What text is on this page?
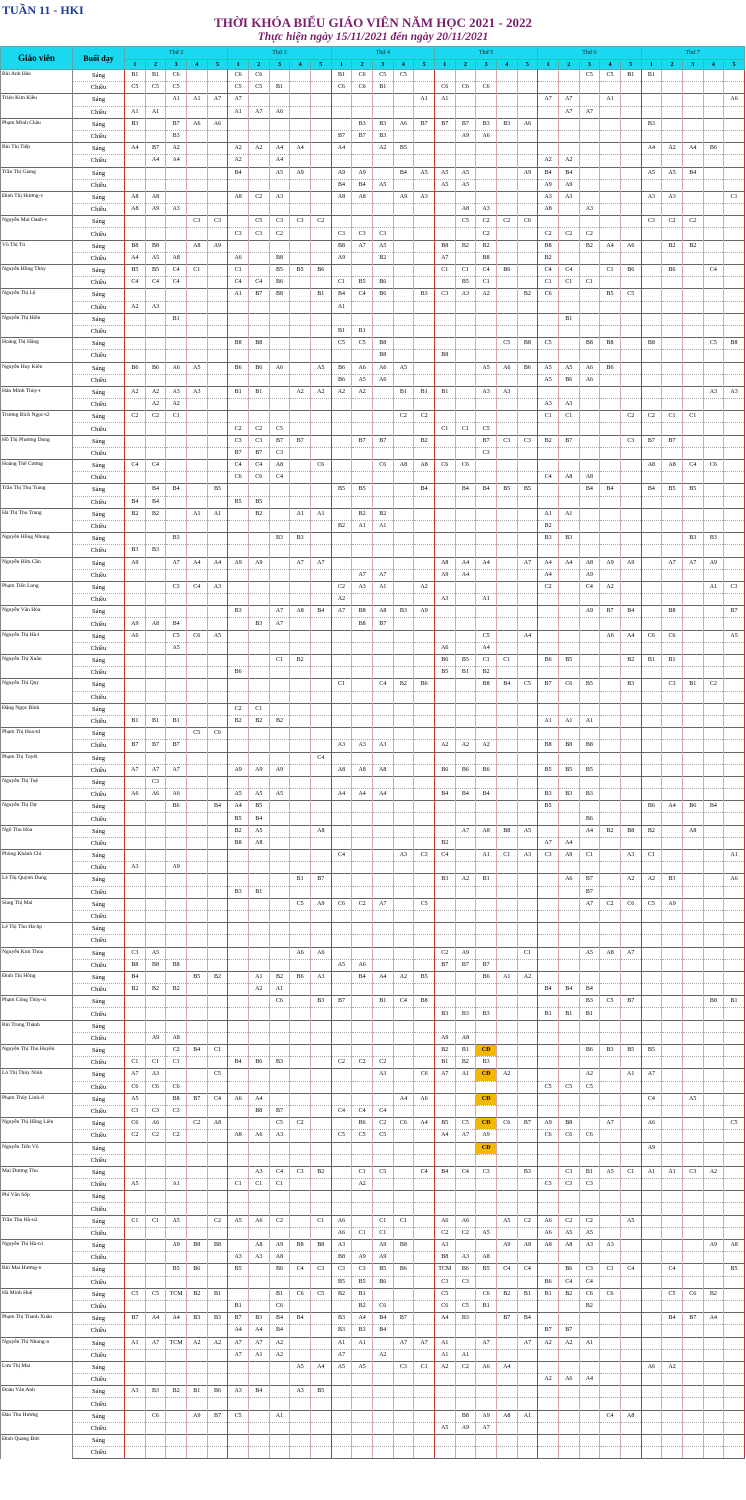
TUẦN 11 - HKI
THỜI KHÓA BIỂU GIÁO VIÊN NĂM HỌC 2021 - 2022
Thực hiện ngày 15/11/2021 đến ngày 20/11/2021
Giáo viên	Buổi dạy	Thứ 2					Thứ 3					Thứ 4					Thứ 5					Thứ 6					Thứ 7				
		1	2	3	4	5	1	2	3	4	5	1	2	3	4	5	1	2	3	4	5	1	2	3	4	5	1	2	3	4	5
Bùi Anh Hảo	Sáng	B1	B1	C6			C6	C6				B1	C6	C5	C5									C5	C5	B1	B1				
	Chiều	C5	C5	C5			C5	C5	B1			C6	C6	B1			C6	C6	C6												
Triệu Kim Kiều	Sáng			A1	A1	A7	A7									A1	A1					A7	A7		A1						A6
	Chiều	A1	A1				A1	A7	A6														A7	A7							
Phạm Minh Châu	Sáng	B3		B7	A6	A6							B3	B3	A6	B7	B7	B7	B3	B3	A6						B3				
	Chiều			B3								B7	B7	B3				A9	A6												
Bùi Thị Tiếp	Sáng	A4	B7	A2			A2	A2	A4	A4		A4		A2	B5												A4	A2	A4	B6	
	Chiều		A4	A4			A2		A4													A2	A2								
Trần Thị Giang	Sáng						B4		A5	A9		A9	A9		B4	A5	A5	A5			A9	B4	B4				A5	A5	B4		
	Chiều											B4	B4	A5			A5	A5				A9	A9								
Đinh Thị Hương-v	Sáng	A8	A8				A8	C2	A3			A8	A8		A9	A3						A3	A3				A3	A3			C1
	Chiều	A8	A9	A3														A8	A3			A8		A3							
Nguyễn Mai Oanh-v	Sáng				C3	C3		C5	C3	C3	C2							C5	C2	C2	C6						C3	C2	C2		
	Chiều						C3	C3	C2			C3	C3	C3					C2			C2	C2	C2							
Vũ Thị Tú	Sáng	B8	B8		A8	A9						B8	A7	A5			B8	B2	B2			B8		B2	A4	A6		B2	B2		
	Chiều	A4	A5	A8			A6		B8			A9		B2			A7		B8			B2									
Nguyễn Hồng Thủy	Sáng	B5	B5	C4	C1		C1		B5	B5	B6						C1	C1	C4	B6		C4	C4		C1	B6		B6		C4	
	Chiều	C4	C4	C4			C4	C4	B6			C1	B5	B6				B5	C1			C1	C1	C1							
Nguyễn Thị Lệ	Sáng						A1	B7	B8		B1	B4	C4	B6		B3	C3	A3	A2		B2	C6			B5	C5					
	Chiều	A2	A3									A1																			
Nguyễn Thị Hiền	Sáng			B1																			B1								
	Chiều											B1	B1																		
Hoàng Thị Hằng	Sáng						B8	B8				C5	C5	B8						C5	B8	C5		B8	B8		B8			C5	B8
	Chiều													B8			B8														
Nguyễn Huy Kiên	Sáng	B6	B6	A6	A5		B6	B6	A6		A5	B6	A6	A6	A5				A5	A6	B6	A5	A5	A6	B6						
	Chiều											B6	A5	A6								A5	B6	A6							
Hán Minh Thùy-t	Sáng	A2	A2	A3	A3		B1	B1		A2	A2	A2	A2		B1	B1	B1		A3	A3										A3	A3
	Chiều		A2	A2																		A3	A3								
Trương Bích Ngọc-t2	Sáng	C2	C2	C1											C2	C2						C1	C1			C2	C2	C1	C1		
	Chiều						C2	C2	C5								C1	C1	C5												
Hồ Thị Phương Dung	Sáng						C3	C3	B7	B7			B7	B7		B2			B7	C3	C3	B2	B7			C3	B7	B7			
	Chiều						B7	B7	C3										C3												
Hoàng Thế Cương	Sáng	C4	C4				C4	C4	A8		C6			C6	A8	A8	C6	C6									A8	A8	C4	C6	
	Chiều						C6	C6	C4													C4	A8	A8							
Trần Thị Thu Trang	Sáng		B4	B4		B5						B5	B5			B4		B4	B4	B5	B5			B4	B4		B4	B5	B5		
	Chiều	B4	B4				B5	B5																							
Hà Thị Thu Trang	Sáng	B2	B2		A1	A1		B2		A1	A1		B2	B2								A1	A1								
	Chiều											B2	A1	A1								B2									
Nguyễn Hồng Nhung	Sáng			B3					B3	B3												B3	B3						B3	B3	
	Chiều	B3	B3																												
Nguyễn Hữu Cần	Sáng	A9		A7	A4	A4	A9	A9		A7	A7						A8	A4	A4		A7	A4	A4	A8	A9	A9		A7	A7	A9	
	Chiều												A7	A7			A9	A4				A4		A9							
Phạm Tiến Long	Sáng			C3	C4	A3						C2	A3	A1		A2						C2		C4	A2					A1	C3
	Chiều											A2					A3		A1												
Nguyễn Văn Hòa	Sáng						B3		A7	A8	B4	A7	B8	A8	B3	A9								A9	B7	B4		B8			B7
	Chiều	A9	A8	B4				B3	A7				B8	B7																	
Nguyễn Thị Hà-l	Sáng	A6		C5	C6	A5													C5		A4				A6	A4	C6	C6			A5
	Chiều			A5													A6		A4												
Nguyễn Thị Xuân	Sáng								C1	B2							B6	B5	C1	C1		B6	B5			B2	B1	B1			
	Chiều						B6										B5	B1	B2												
Nguyễn Thị Quy	Sáng											C1		C4	B2	B6			B8	B4	C5	B7	C6	B5		B3		C3	B1	C2	
	Chiều																														
Đặng Ngọc Bình	Sáng						C2	C1																							
	Chiều	B1	B1	B1			B2	B2	B2													A1	A1	A1							
Phạm Thị Hoa-td	Sáng				C5	C6																									
	Chiều	B7	B7	B7								A3	A3	A3			A2	A2	A2			B8	B8	B8							
Phạm Thị Tuyết	Sáng										C4																				
	Chiều	A7	A7	A7			A9	A9	A9			A8	A8	A8			B6	B6	B6			B5	B5	B5							
Nguyễn Thị Tuệ	Sáng		C3																												
	Chiều	A6	A6	A6			A5	A5	A5			A4	A4	A4			B4	B4	B4			B3	B3	B3							
Nguyễn Thị Dự	Sáng			B6		B4	A4	B5														B5					B6	A4	B6	B4	
	Chiều						B5	B4																B6							
Ngô Thu Hòa	Sáng						B2	A5			A8							A7	A8	B8	A5			A4	B2	B8	B2		A8		
	Chiều						B8	A8									B2					A7	A4								
Phùng Khánh Chi	Sáng											C4			A3	C3	C4		A1	C1	A3	C3	A9	C1		A3	C1				A1
	Chiều	A3		A9																											
Lê Thị Quỳnh Dung	Sáng									B1	B7						B3	A2	B1				A6	B7		A2	A2	B3			A6
	Chiều						B3	B1																B7							
Sùng Thị Mai	Sáng									C5	A9	C6	C2	A7		C5								A7	C2	C6	C5	A9			
	Chiều																														
Lê Thị Thu Hà-hp	Sáng																														
	Chiều																														
Nguyễn Kim Thoa	Sáng	C3	A5							A6	A6						C2	A9			C1			A5	A8	A7					
	Chiều	B8	B8	B8								A5	A6				B7	B7	B7												
Đinh Thị Hồng	Sáng	B4			B5	B2		A1	B2	B6	A3		B4	A4	A2	B5			B6	A1	A2										
	Chiều	B2	B2	B2				A2	A1													B4	B4	B4							
Phạm Công Thủy-si	Sáng								C6		B3	B7		B1	C4	B8								B3	C5	B7				B8	B1
	Chiều																B3	B3	B3			B1	B1	B1							
Bùi Trung Thành	Sáng																														
	Chiều		A9	A8													A9	A8													
Nguyễn Thị Thu Huyền	Sáng			C2	B4	C1											B2	B1	CĐ					B6	B3	B5	B5				
	Chiều	C1	C1	C1			B4	B6	B3			C2	C2	C2			B1	B2	B3												
Lò Thị Thúy Ninh	Sáng	A7	A3			C5								A3		C6	A7	A1	CĐ	A2				A2		A1	A7				
	Chiều	C6	C6	C6																		C5	C5	C5							
Phạm Thùy Linh-đ	Sáng	A5		B8	B7	C4	A6	A4							A4	A6			CĐ								C4		A5		
	Chiều	C3	C3	C3				B8	B7			C4	C4	C4																	
Nguyễn Thị Hồng Liên	Sáng	C6	A6		C2	A8			C5	C2			B6	C2	C6	A4	B5	C5	CĐ	C6	B7	A9	B8		A7		A6				C5
	Chiều	C2	C2	C2			A8	A6	A3			C5	C5	C5			A4	A7	A9			C6	C6	C6							
Nguyễn Tiến Vũ	Sáng																		CĐ								A9				
	Chiều																														
Mai Dương Thu	Sáng							A3	C4	C3	B2		C1	C5		C4	B4	C4	C3		B3		C3	B1	A5	C1	A1	A1	C3	A2	
	Chiều	A5		A1			C1	C1	C1				A2									C3	C3	C3							
Phí Văn Sốp	Sáng																														
	Chiều																														
Trần Thu Hà-n2	Sáng	C1	C1	A5		C2	A5	A6	C2		C1	A6		C1	C1		A6	A6		A5	C2	A6	C2	C2		A5					
	Chiều											A6	C1	C1			C2	C2	A5			A6	A5	A5							
Nguyễn Thị Hà-n1	Sáng			A9	B8	B8		A8	A9	B8	B8	A3		A9	B8		A3			A9	A8	A8	A8	A3	A3					A9	A8
	Chiều						A3	A3	A8			B8	A9	A9			B8	A3	A8												
Bùi Mai Hương-n	Sáng			B5	B6		B5		B6	C4	C3	C3	C3	B5	B6		TCM	B6	B5	C4	C4		B6	C3	C3	C4		C4			B5
	Chiều											B5	B5	B6			C3	C3				B6	C4	C4							
Hà Minh Huệ	Sáng	C5	C5	TCM	B2	B1			B1	C6	C5	B2	B1				C5		C6	B2	B1	B1	B2	C6	C6			C5	C6	B2	
	Chiều						B1		C6				B2	C6			C6	C5	B1					B2							
Phạm Thị Thanh Xuân	Sáng	B7	A4	A4	B3	B3	B7	B3	B4	B4		B3	A4	B4	B7		A4	B3		B7	B4							B4	B7	A4	
	Chiều						A4	A4	B4			B3	B3	B4								B7	B7								
Nguyễn Thị Nhung-n	Sáng	A1	A7	TCM	A2	A2	A7	A7	A2			A1	A1		A7	A7	A1		A7		A7	A2	A2	A1							
	Chiều						A7	A1	A2			A7		A2			A1	A1													
Lưu Thị Mai	Sáng									A5	A4	A5	A5		C3	C1	A2	C2	A6	A4							A6	A2			
	Chiều																					A2	A6	A4							
Đoàn Văn Anh	Sáng	A3	B3	B2	B1	B6	A3	B4		A3	B5																				
	Chiều																														
Đào Thu Hương	Sáng		C6		A9	B7	C5		A1									B8	A9	A8	A1				C4	A8					
	Chiều																A5	A9	A7												
Đinh Quang Đức	Sáng																														
	Chiều																														
